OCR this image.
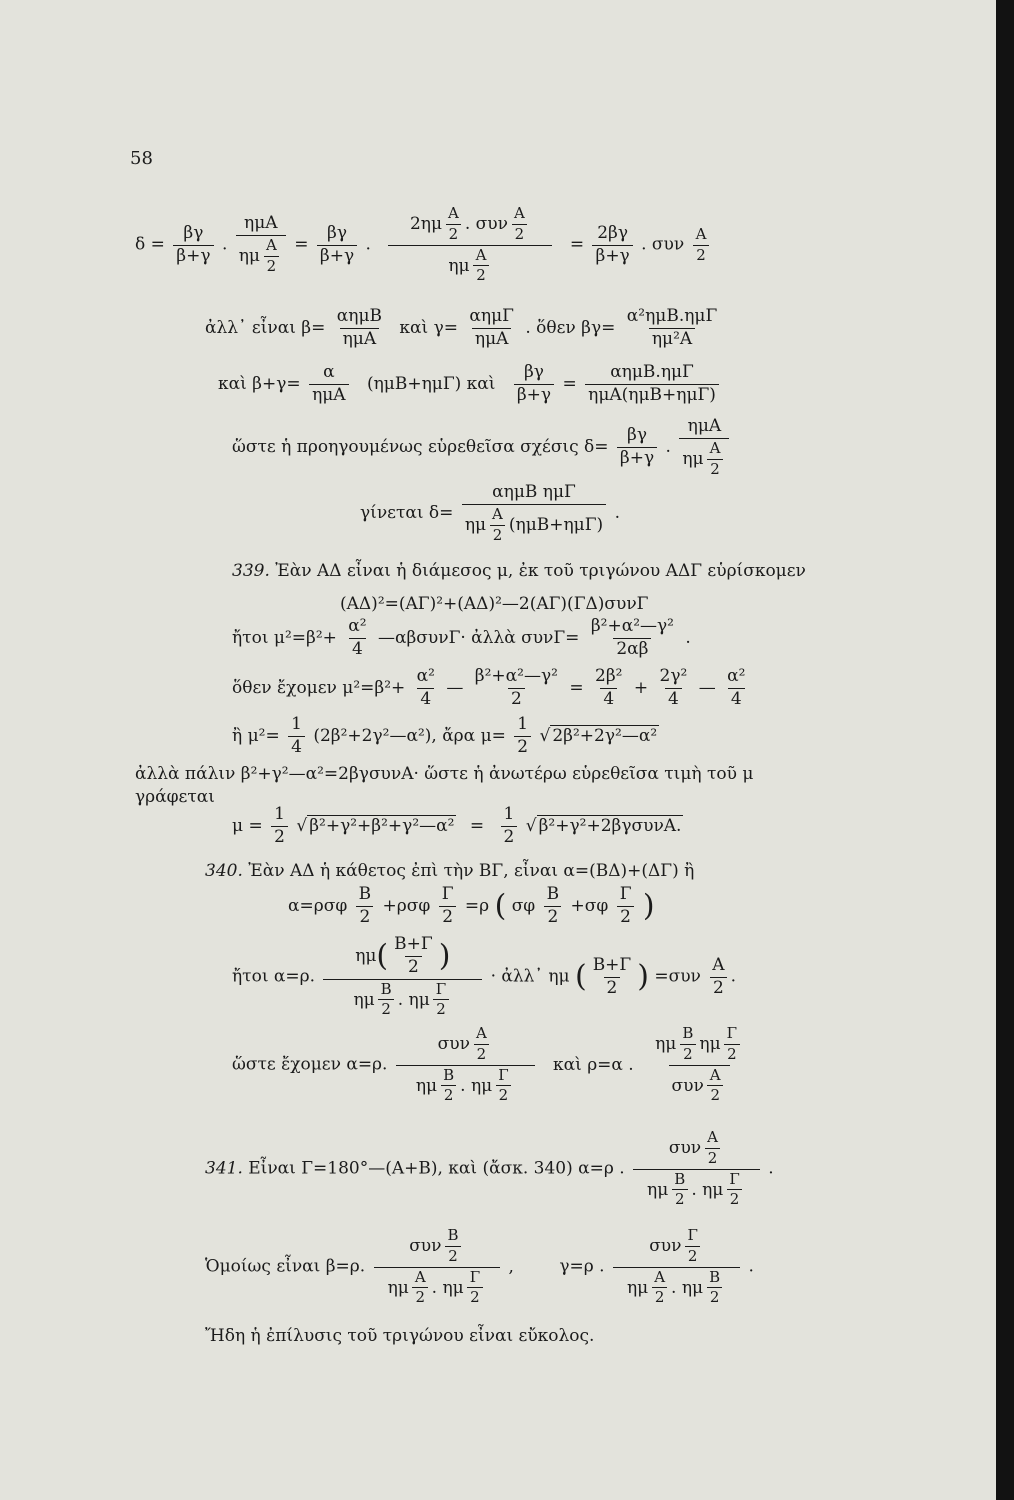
58
$\delta = \frac{\beta\gamma}{\beta+\gamma}$ .
ημΑ
ημ $\frac{A}{2} = \frac{\beta\gamma}{\beta+\gamma}$ .
$2\eta\mu \frac{A}{2}$ . συν $\frac{A}{2}$
ημ $\frac{A}{2}$
= $\frac{2\beta\gamma}{\beta+\gamma}$ . συν $\frac{A}{2}$
ἀλλ᾽ εἶναι β=
αημΒ
ημΑ
καὶ γ=
αημΓ
ημΑ
. ὅθεν βγ=
α²ημΒ.ημΓ
ημ²Α
καὶ β+γ=
α
ημΑ
(ημΒ+ημΓ) καὶ $\frac{\beta\gamma}{\beta+\gamma}$ =
αημΒ.ημΓ
ημΑ(ημΒ+ημΓ)
ὥστε ἡ προηγουμένως εὑρεθεῖσα σχέσις $\delta= \frac{\beta\gamma}{\beta+\gamma}$ .
ημΑ
ημ $\frac{A}{2}$
γίνεται δ=
αημΒ ημΓ
ημ $\frac{A}{2} (\eta\mu B+\eta\mu\Gamma)$
.
339. Ἐὰν ΑΔ εἶναι ἡ διάμεσος μ, ἐκ τοῦ τριγώνου ΑΔΓ εὑρίσκομεν
(ΑΔ)²=(ΑΓ)²+(ΑΔ)²—2(ΑΓ)(ΓΔ)συνΓ
ἤτοι $\mu^2=\beta^2+ \frac{\text{α²}}{4}$ —αβσυνΓ· ἀλλὰ $\sigma\upsilon\nu\Gamma= \frac{\text{β²+α²—γ²}}{2\alpha\beta}$ .
ὅθεν ἔχομεν $\mu^2=\beta^2+ \frac{\text{α²}}{4}$ — $\frac{\text{β²+α²—γ²}}{2} = \frac{\text{2β²}}{4} + \frac{\text{2γ²}}{4}$ — $\frac{\text{α²}}{4}$
ἢ $\mu^2= \frac{1}{4}$ (2β²+2γ²—α²), ἄρα $\mu= \frac{1}{2}$ √ 2β²+2γ²—α²
ἀλλὰ πάλιν β²+γ²—α²=2βγσυνΑ· ὥστε ἡ ἀνωτέρω εὑρεθεῖσα τιμὴ τοῦ μ
γράφεται
$\mu = \frac{1}{2}$ √ β²+γ²+β²+γ²—α² = $\frac{1}{2}$ √ β²+γ²+2βγσυνΑ.
340. Ἐὰν ΑΔ ἡ κάθετος ἐπὶ τὴν ΒΓ, εἶναι α=(ΒΔ)+(ΔΓ) ἢ
$\alpha=\rho\sigma\varphi \frac{B}{2} +\rho\sigma\varphi \frac{\Gamma}{2} =\rho$ ( σφ $\frac{B}{2} +\sigma\varphi \frac{\Gamma}{2}$ )
ἤτοι α=ρ.
$\eta\mu( \frac{B+\Gamma}{2}$ )
ημ $\frac{B}{2}$ . ημ $\frac{\Gamma}{2}$
· ἀλλ᾽ ημ ( $\frac{B+\Gamma}{2}$ ) $=\sigma\upsilon\nu \frac{A}{2}$ .
ὥστε ἔχομεν α=ρ.
συν $\frac{A}{2}$
ημ $\frac{B}{2}$ . ημ $\frac{\Gamma}{2}$
καὶ ρ=α .
ημ $\frac{B}{2}$ ημ $\frac{\Gamma}{2}$
συν $\frac{A}{2}$
341. Εἶναι Γ=180°—(Α+Β), καὶ (ἄσκ. 340) α=ρ .
συν $\frac{A}{2}$
ημ $\frac{B}{2}$ . ημ $\frac{\Gamma}{2}$
.
Ὁμοίως εἶναι β=ρ.
συν $\frac{B}{2}$
ημ $\frac{A}{2}$ . ημ $\frac{\Gamma}{2}$
,	γ=ρ .
συν $\frac{\Gamma}{2}$
ημ $\frac{A}{2}$ . ημ $\frac{B}{2}$
.
Ἤδη ἡ ἐπίλυσις τοῦ τριγώνου εἶναι εὔκολος.
